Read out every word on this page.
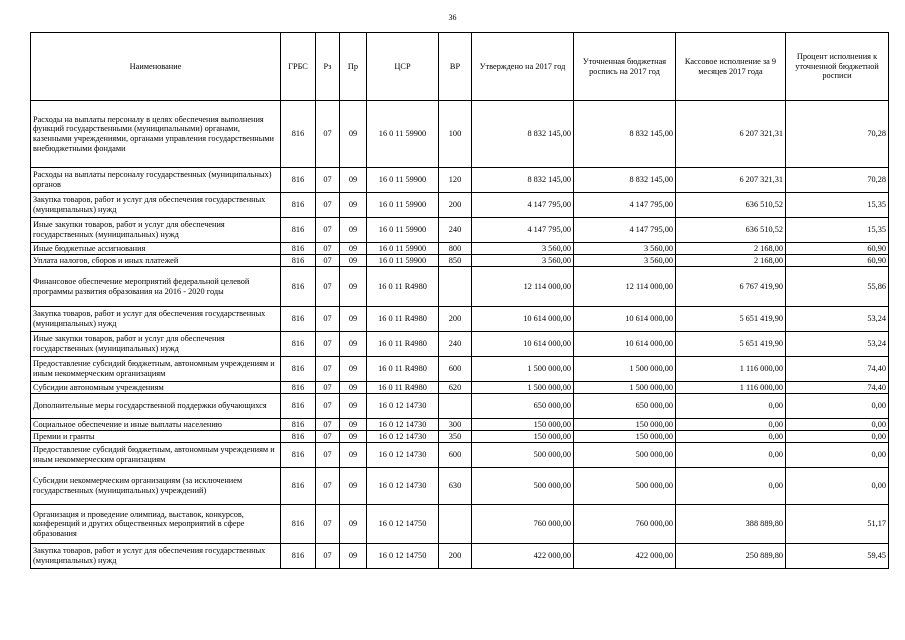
36
Наименование	ГРБС	Рз	Пр	ЦСР	ВР	Утверждено на 2017 год	Уточненная бюджетная роспись на 2017 год	Кассовое исполнение за 9 месяцев 2017 года	Процент исполнения к уточненной бюджетной росписи
Расходы на выплаты персоналу в целях обеспечения выполнения функций государственными (муниципальными) органами, казенными учреждениями, органами управления государственными внебюджетными фондами	816	07	09	16 0 11 59900	100	8 832 145,00	8 832 145,00	6 207 321,31	70,28
Расходы на выплаты персоналу государственных (муниципальных) органов	816	07	09	16 0 11 59900	120	8 832 145,00	8 832 145,00	6 207 321,31	70,28
Закупка товаров, работ и услуг для обеспечения государственных (муниципальных) нужд	816	07	09	16 0 11 59900	200	4 147 795,00	4 147 795,00	636 510,52	15,35
Иные закупки товаров, работ и услуг для обеспечения государственных (муниципальных) нужд	816	07	09	16 0 11 59900	240	4 147 795,00	4 147 795,00	636 510,52	15,35
Иные бюджетные ассигнования	816	07	09	16 0 11 59900	800	3 560,00	3 560,00	2 168,00	60,90
Уплата налогов, сборов и иных платежей	816	07	09	16 0 11 59900	850	3 560,00	3 560,00	2 168,00	60,90
Финансовое обеспечение мероприятий федеральной целевой программы развития образования на 2016 - 2020 годы	816	07	09	16 0 11 R4980		12 114 000,00	12 114 000,00	6 767 419,90	55,86
Закупка товаров, работ и услуг для обеспечения государственных (муниципальных) нужд	816	07	09	16 0 11 R4980	200	10 614 000,00	10 614 000,00	5 651 419,90	53,24
Иные закупки товаров, работ и услуг для обеспечения государственных (муниципальных) нужд	816	07	09	16 0 11 R4980	240	10 614 000,00	10 614 000,00	5 651 419,90	53,24
Предоставление субсидий бюджетным, автономным учреждениям и иным некоммерческим организациям	816	07	09	16 0 11 R4980	600	1 500 000,00	1 500 000,00	1 116 000,00	74,40
Субсидии автономным учреждениям	816	07	09	16 0 11 R4980	620	1 500 000,00	1 500 000,00	1 116 000,00	74,40
Дополнительные меры государственной поддержки обучающихся	816	07	09	16 0 12 14730		650 000,00	650 000,00	0,00	0,00
Социальное обеспечение и иные выплаты населению	816	07	09	16 0 12 14730	300	150 000,00	150 000,00	0,00	0,00
Премии и гранты	816	07	09	16 0 12 14730	350	150 000,00	150 000,00	0,00	0,00
Предоставление субсидий бюджетным, автономным учреждениям и иным некоммерческим организациям	816	07	09	16 0 12 14730	600	500 000,00	500 000,00	0,00	0,00
Субсидии некоммерческим организациям (за исключением государственных (муниципальных) учреждений)	816	07	09	16 0 12 14730	630	500 000,00	500 000,00	0,00	0,00
Организация и проведение олимпиад, выставок, конкурсов, конференций и других общественных мероприятий в сфере образования	816	07	09	16 0 12 14750		760 000,00	760 000,00	388 889,80	51,17
Закупка товаров, работ и услуг для обеспечения государственных (муниципальных) нужд	816	07	09	16 0 12 14750	200	422 000,00	422 000,00	250 889,80	59,45
